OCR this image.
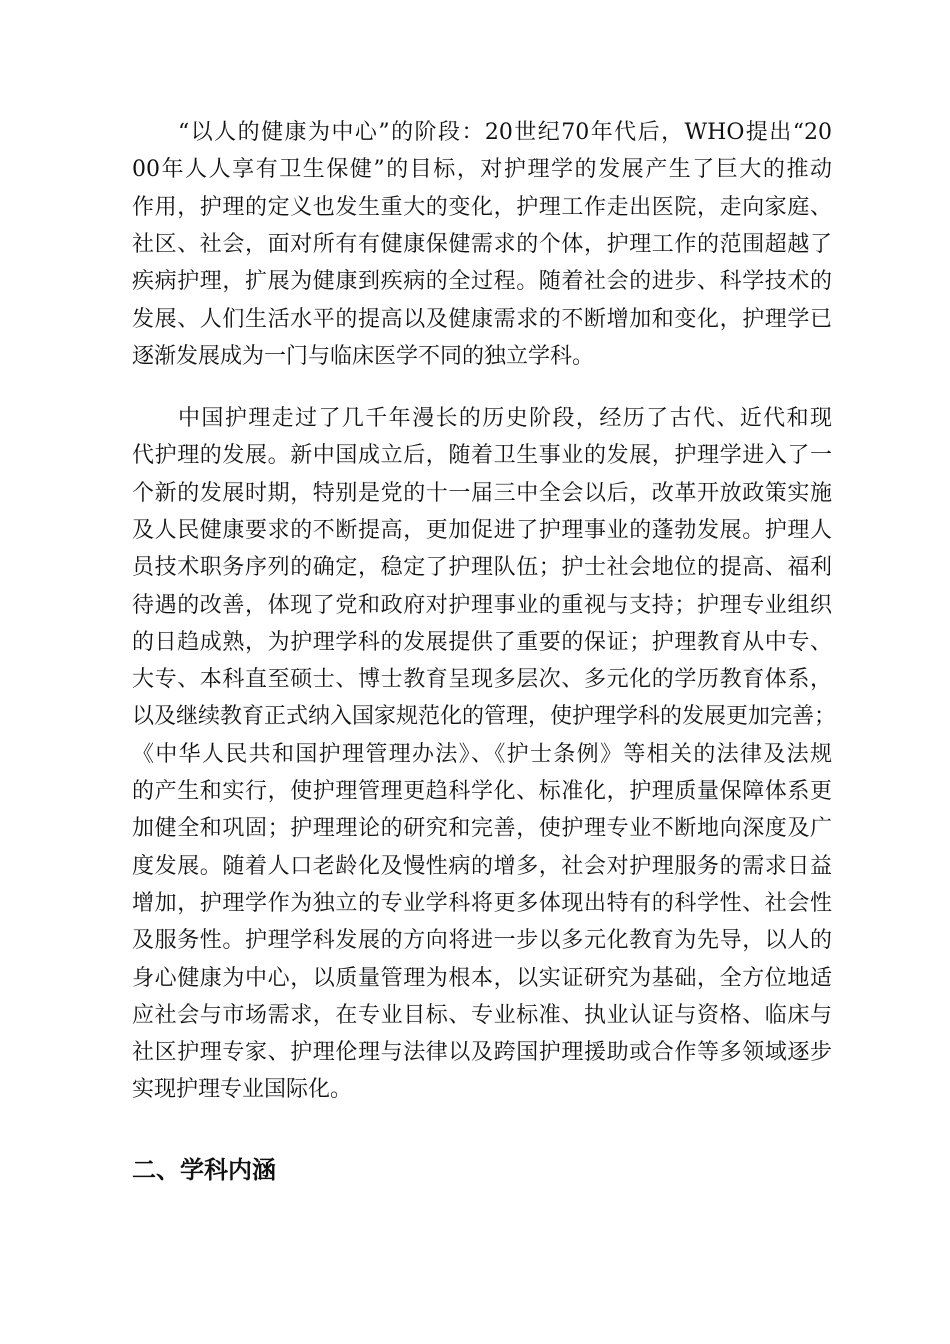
“以人的健康为中心”的阶段：20世纪70年代后，WHO提出“20
00年人人享有卫生保健”的目标，对护理学的发展产生了巨大的推动
作用，护理的定义也发生重大的变化，护理工作走出医院，走向家庭、
社区、社会，面对所有有健康保健需求的个体，护理工作的范围超越了
疾病护理，扩展为健康到疾病的全过程。随着社会的进步、科学技术的
发展、人们生活水平的提高以及健康需求的不断增加和变化，护理学已
逐渐发展成为一门与临床医学不同的独立学科。
中国护理走过了几千年漫长的历史阶段，经历了古代、近代和现
代护理的发展。新中国成立后，随着卫生事业的发展，护理学进入了一
个新的发展时期，特别是党的十一届三中全会以后，改革开放政策实施
及人民健康要求的不断提高，更加促进了护理事业的蓬勃发展。护理人
员技术职务序列的确定，稳定了护理队伍；护士社会地位的提高、福利
待遇的改善，体现了党和政府对护理事业的重视与支持；护理专业组织
的日趋成熟，为护理学科的发展提供了重要的保证；护理教育从中专、
大专、本科直至硕士、博士教育呈现多层次、多元化的学历教育体系，
以及继续教育正式纳入国家规范化的管理，使护理学科的发展更加完善；
《中华人民共和国护理管理办法》、《护士条例》等相关的法律及法规
的产生和实行，使护理管理更趋科学化、标准化，护理质量保障体系更
加健全和巩固；护理理论的研究和完善，使护理专业不断地向深度及广
度发展。随着人口老龄化及慢性病的增多，社会对护理服务的需求日益
增加，护理学作为独立的专业学科将更多体现出特有的科学性、社会性
及服务性。护理学科发展的方向将进一步以多元化教育为先导，以人的
身心健康为中心，以质量管理为根本，以实证研究为基础，全方位地适
应社会与市场需求，在专业目标、专业标准、执业认证与资格、临床与
社区护理专家、护理伦理与法律以及跨国护理援助或合作等多领域逐步
实现护理专业国际化。
二、学科内涵
